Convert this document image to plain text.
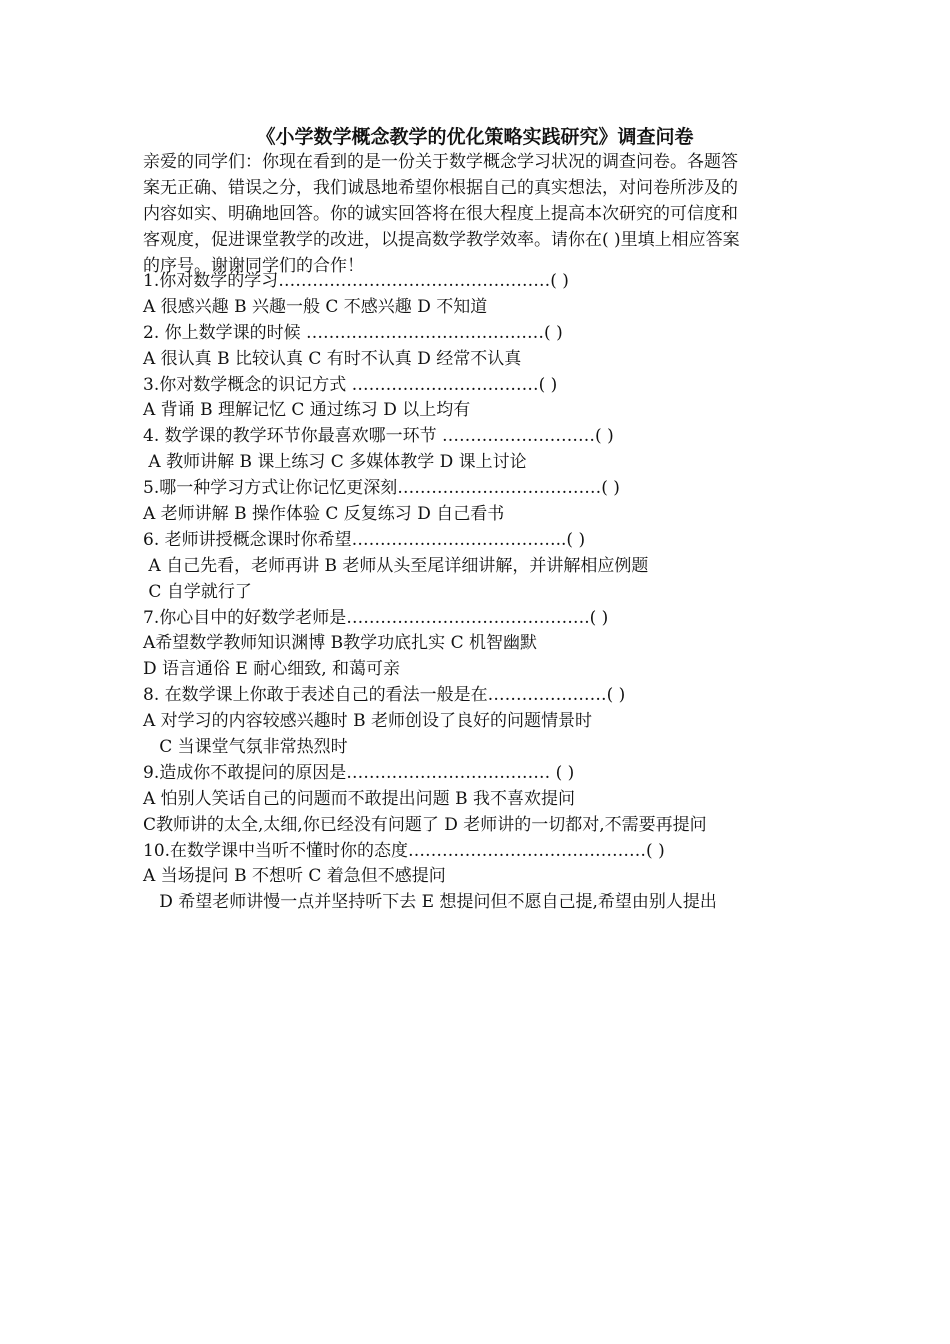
《小学数学概念教学的优化策略实践研究》调查问卷
亲爱的同学们：你现在看到的是一份关于数学概念学习状况的调查问卷。各题答
案无正确、错误之分，我们诚恳地希望你根据自己的真实想法，对问卷所涉及的
内容如实、明确地回答。你的诚实回答将在很大程度上提高本次研究的可信度和
客观度，促进课堂教学的改进，以提高数学教学效率。请你在( )里填上相应答案
的序号。谢谢同学们的合作！
1.你对数学的学习…………………………………………( )
A 很感兴趣 B 兴趣一般 C 不感兴趣 D 不知道
2. 你上数学课的时候 ……………………………………( )
A 很认真 B 比较认真 C 有时不认真 D 经常不认真
3.你对数学概念的识记方式 ……………………………( )
A 背诵 B 理解记忆 C 通过练习 D 以上均有
4. 数学课的教学环节你最喜欢哪一环节 ………………………( )
A 教师讲解 B 课上练习 C 多媒体教学 D 课上讨论
5.哪一种学习方式让你记忆更深刻………………………………( )
A 老师讲解 B 操作体验 C 反复练习 D 自己看书
6. 老师讲授概念课时你希望………………………………..( )
A 自己先看，老师再讲 B 老师从头至尾详细讲解，并讲解相应例题
C 自学就行了
7.你心目中的好数学老师是…………………………………….( )
A希望数学教师知识渊博 B教学功底扎实 C 机智幽默
D 语言通俗 E 耐心细致, 和蔼可亲
8. 在数学课上你敢于表述自己的看法一般是在…………………( )
A 对学习的内容较感兴趣时 B 老师创设了良好的问题情景时
C 当课堂气氛非常热烈时
9.造成你不敢提问的原因是……………………………… ( )
A 怕别人笑话自己的问题而不敢提出问题 B 我不喜欢提问
C教师讲的太全,太细,你已经没有问题了 D 老师讲的一切都对,不需要再提问
10.在数学课中当听不懂时你的态度……………………………………( )
A 当场提问 B 不想听 C 着急但不感提问
D 希望老师讲慢一点并坚持听下去 E 想提问但不愿自己提,希望由别人提出
